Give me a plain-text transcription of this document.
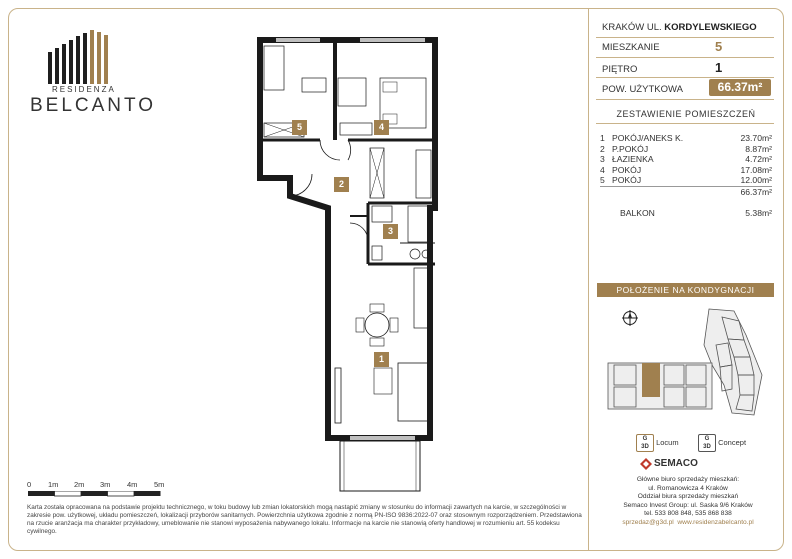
RESIDENZA
BELCANTO
KRAKÓW UL. KORDYLEWSKIEGO
MIESZKANIE	5
PIĘTRO	1
POW. UŻYTKOWA	66.37m²
ZESTAWIENIE POMIESZCZEŃ
1	POKÓJ/ANEKS K.	23.70m²
2	P.POKÓJ	8.87m²
3	ŁAZIENKA	4.72m²
4	POKÓJ	17.08m²
5	POKÓJ	12.00m²
		66.37m²

	BALKON	5.38m²
POŁOŻENIE NA KONDYGNACJI
G
3D Locum	G
3D Concept
SEMACO
Główne biuro sprzedaży mieszkań:
ul. Romanowicza 4 Kraków
Oddział biura sprzedaży mieszkań
Semaco Invest Group: ul. Saska 9/6 Kraków
tel. 533 808 848, 535 868 838
sprzedaz@g3d.pl www.residenzabelcanto.pl
0 1m 2m 3m 4m 5m
Karta została opracowana na podstawie projektu technicznego, w toku budowy lub zmian lokatorskich mogą nastąpić zmiany w stosunku do informacji zawartych na karcie, w szczególności w zakresie pow. użytkowej, układu pomieszczeń, lokalizacji przyborów sanitarnych. Powierzchnia użytkowa zgodnie z normą PN-ISO 9836:2022-07 oraz stosownym rozporządzeniem. Przedstawiona na rzucie aranżacja ma charakter przykładowy, umeblowanie nie stanowi wyposażenia nabywanego lokalu. Informacje na karcie nie stanowią oferty handlowej w rozumieniu art. 55 kodeksu cywilnego.
5	4
2
3
1
